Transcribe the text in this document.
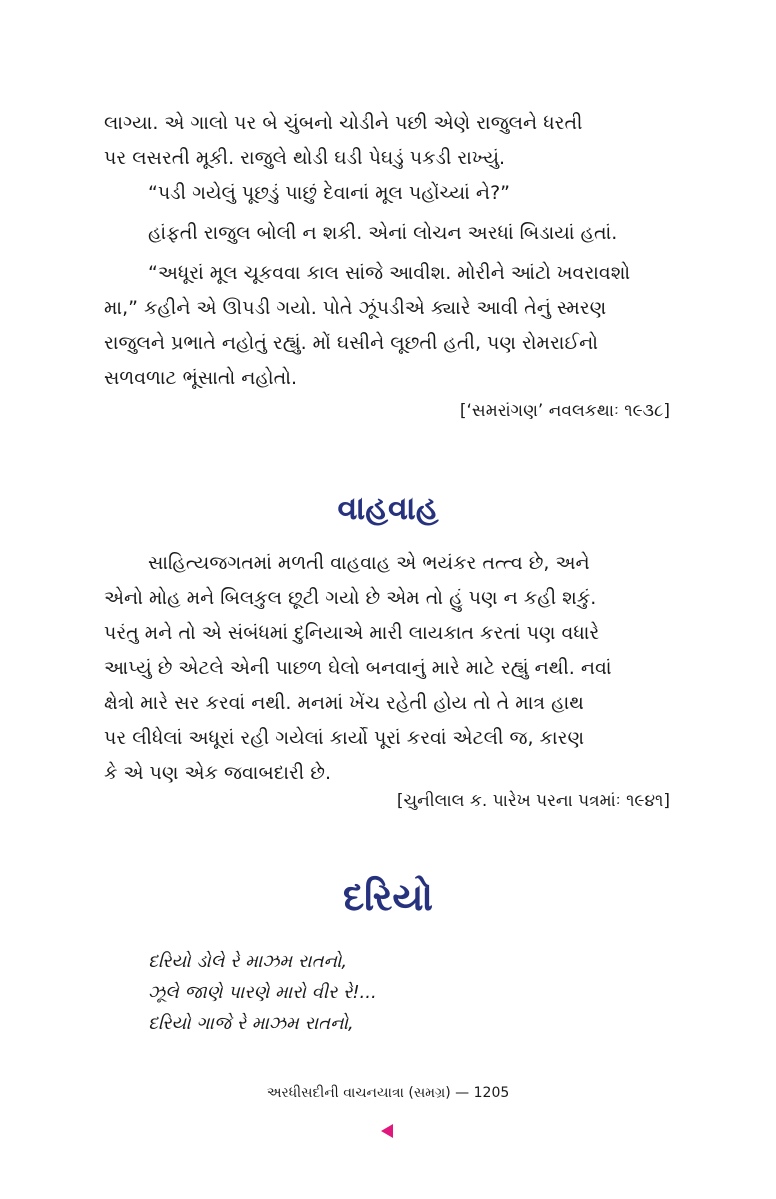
લાગ્યા. એ ગાલો પર બે ચુંબનો ચોડીને પછી એણે રાજુલને ધરતી
પર લસરતી મૂકી. રાજુલે થોડી ઘડી પેઘડું પકડી રાખ્યું.

“પડી ગયેલું પૂછડું પાછું દેવાનાં મૂલ પહોંચ્યાં ને?”

હાંફતી રાજુલ બોલી ન શકી. એનાં લોચન અરધાં બિડાયાં હતાં.

“અધૂરાં મૂલ ચૂકવવા કાલ સાંજે આવીશ. મોરીને આંટો ખવરાવશો
મા,” કહીને એ ઊપડી ગયો. પોતે ઝૂંપડીએ ક્યારે આવી તેનું સ્મરણ
રાજુલને પ્રભાતે નહોતું રહ્યું. મોં ઘસીને લૂછતી હતી, પણ રોમરાઈનો
સળવળાટ ભૂંસાતો નહોતો.

[‘સમરાંગણ’ નવલકથાઃ ૧૯૩૮]

વાહવાહ

સાહિત્યજગતમાં મળતી વાહવાહ એ ભયંકર તત્ત્વ છે, અને
એનો મોહ મને બિલકુલ છૂટી ગયો છે એમ તો હું પણ ન કહી શકું.
પરંતુ મને તો એ સંબંધમાં દુનિયાએ મારી લાયકાત કરતાં પણ વધારે
આપ્યું છે એટલે એની પાછળ ઘેલો બનવાનું મારે માટે રહ્યું નથી. નવાં
ક્ષેત્રો મારે સર કરવાં નથી. મનમાં ખેંચ રહેતી હોય તો તે માત્ર હાથ
પર લીધેલાં અધૂરાં રહી ગયેલાં કાર્યો પૂરાં કરવાં એટલી જ, કારણ
કે એ પણ એક જવાબદારી છે.

[ચુનીલાલ ક. પારેખ પરના પત્રમાંઃ ૧૯૪૧]

દરિયો

દરિયો ડોલે રે માઝમ રાતનો,
ઝૂલે જાણે પારણે મારો વીર રે!...
દરિયો ગાજે રે માઝમ રાતનો,

અરધીસદીની વાચનયાત્રા (સમગ્ર) — 1205
